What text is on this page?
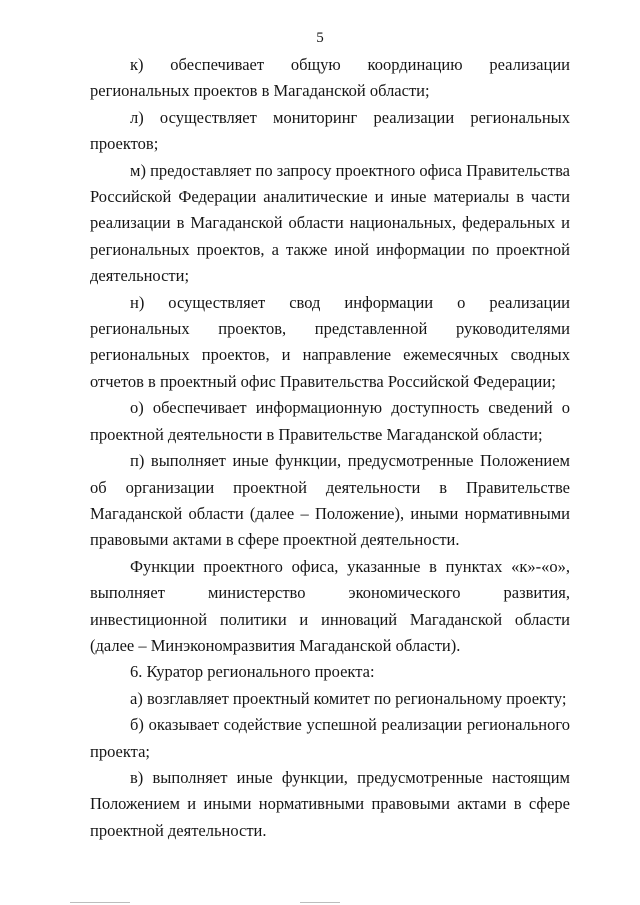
5

к) обеспечивает общую координацию реализации региональных проектов в Магаданской области;

л) осуществляет мониторинг реализации региональных проектов;

м) предоставляет по запросу проектного офиса Правительства Российской Федерации аналитические и иные материалы в части реализации в Магаданской области национальных, федеральных и региональных проектов, а также иной информации по проектной деятельности;

н) осуществляет свод информации о реализации региональных проектов, представленной руководителями региональных проектов, и направление ежемесячных сводных отчетов в проектный офис Правительства Российской Федерации;

о) обеспечивает информационную доступность сведений о проектной деятельности в Правительстве Магаданской области;

п) выполняет иные функции, предусмотренные Положением об организации проектной деятельности в Правительстве Магаданской области (далее – Положение), иными нормативными правовыми актами в сфере проектной деятельности.

Функции проектного офиса, указанные в пунктах «к»-«о», выполняет министерство экономического развития, инвестиционной политики и инноваций Магаданской области (далее – Минэкономразвития Магаданской области).

6. Куратор регионального проекта:

а) возглавляет проектный комитет по региональному проекту;

б) оказывает содействие успешной реализации регионального проекта;

в) выполняет иные функции, предусмотренные настоящим Положением и иными нормативными правовыми актами в сфере проектной деятельности.
